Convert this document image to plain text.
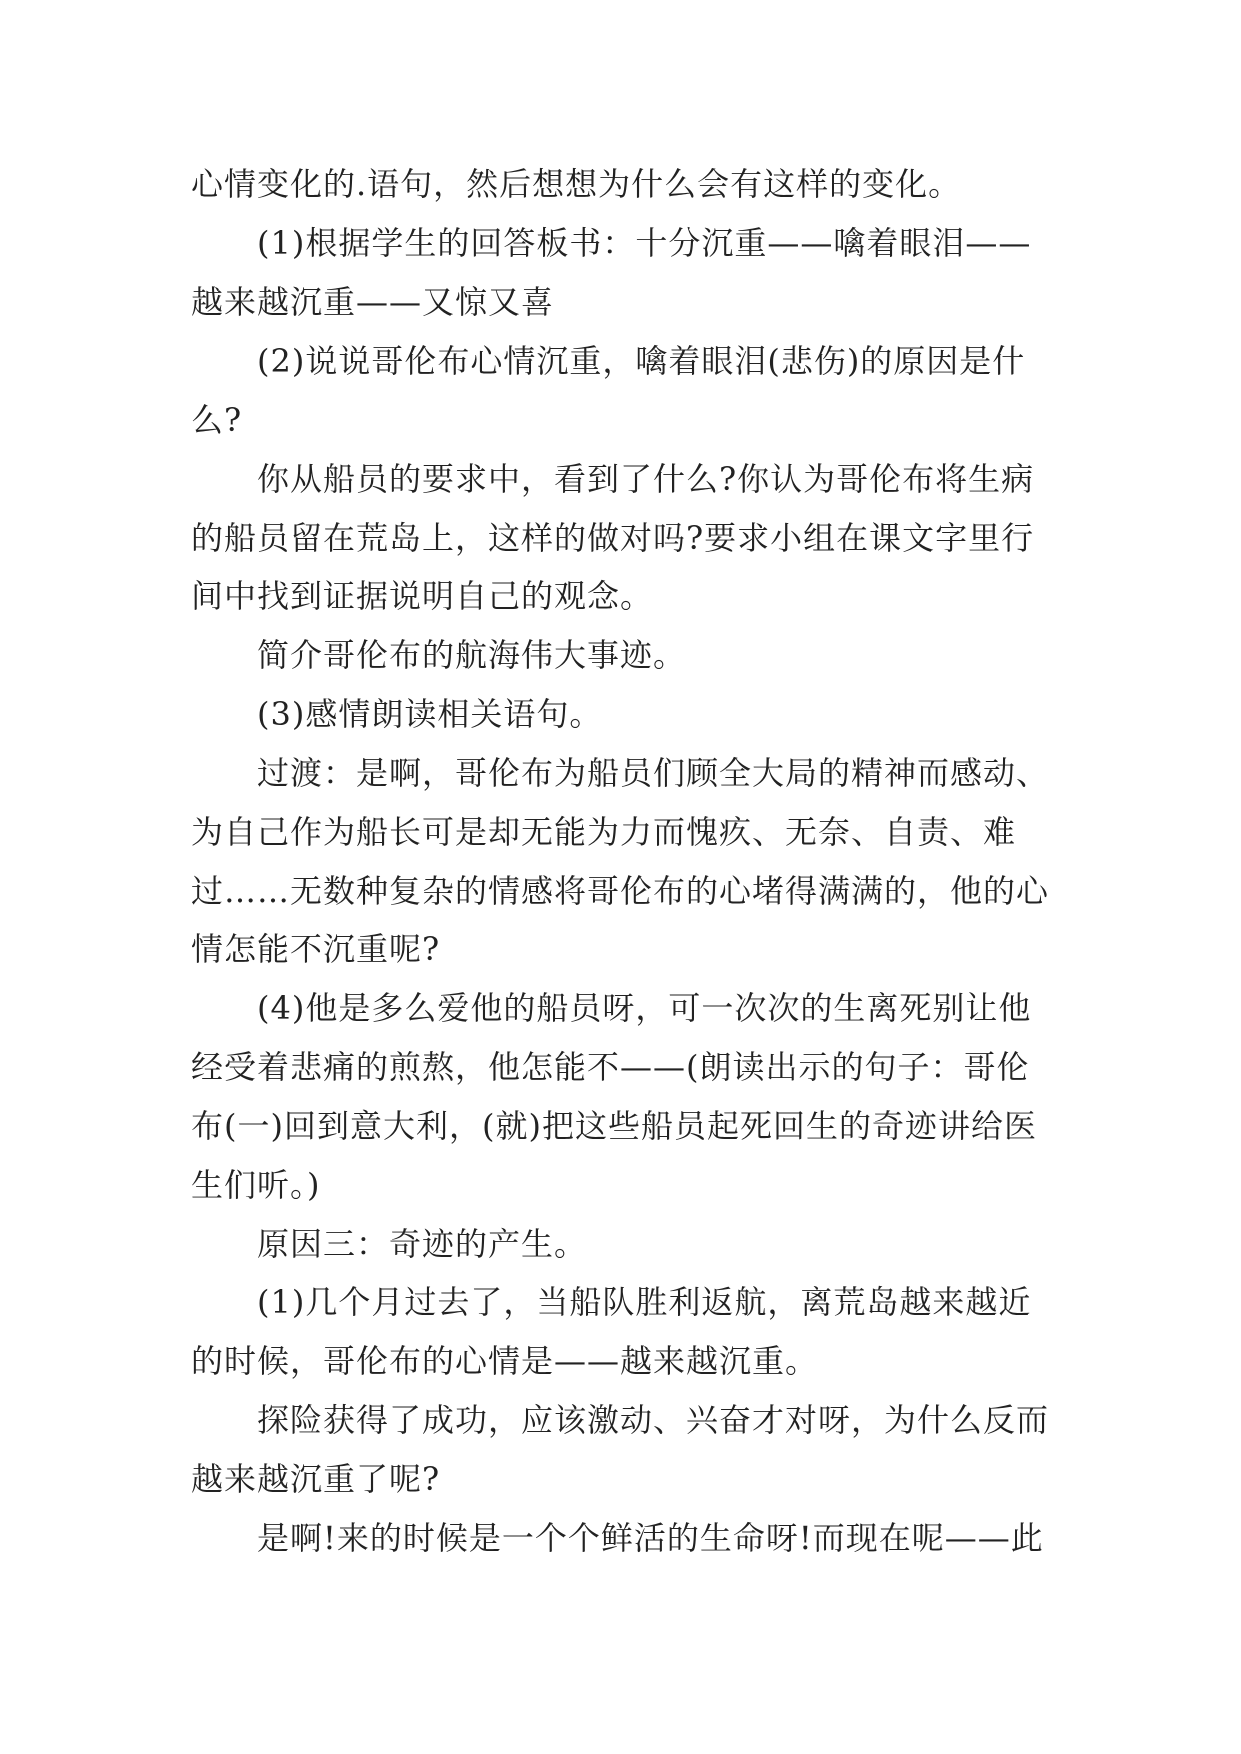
心情变化的.语句，然后想想为什么会有这样的变化。
(1)根据学生的回答板书：十分沉重——噙着眼泪——
越来越沉重——又惊又喜
(2)说说哥伦布心情沉重，噙着眼泪(悲伤)的原因是什
么?
你从船员的要求中，看到了什么?你认为哥伦布将生病
的船员留在荒岛上，这样的做对吗?要求小组在课文字里行
间中找到证据说明自己的观念。
简介哥伦布的航海伟大事迹。
(3)感情朗读相关语句。
过渡：是啊，哥伦布为船员们顾全大局的精神而感动、
为自己作为船长可是却无能为力而愧疚、无奈、自责、难
过……无数种复杂的情感将哥伦布的心堵得满满的，他的心
情怎能不沉重呢?
(4)他是多么爱他的船员呀，可一次次的生离死别让他
经受着悲痛的煎熬，他怎能不——(朗读出示的句子：哥伦
布(一)回到意大利，(就)把这些船员起死回生的奇迹讲给医
生们听。)
原因三：奇迹的产生。
(1)几个月过去了，当船队胜利返航，离荒岛越来越近
的时候，哥伦布的心情是——越来越沉重。
探险获得了成功，应该激动、兴奋才对呀，为什么反而
越来越沉重了呢?
是啊!来的时候是一个个鲜活的生命呀!而现在呢——此
